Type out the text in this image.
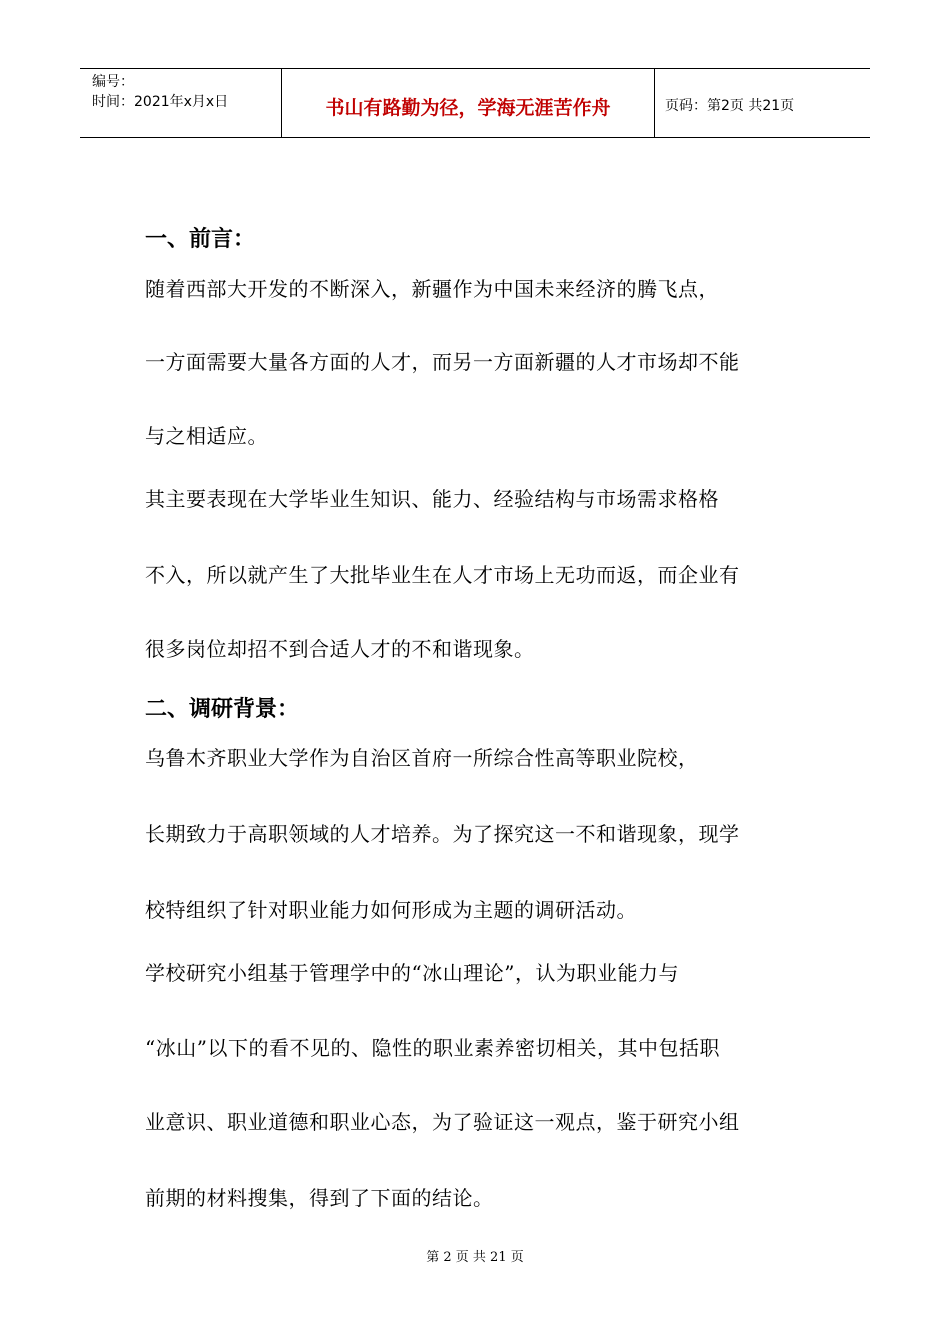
编号：
时间：2021年x月x日	书山有路勤为径，学海无涯苦作舟	页码：第2页 共21页
一、前言：
随着西部大开发的不断深入，新疆作为中国未来经济的腾飞点，
一方面需要大量各方面的人才，而另一方面新疆的人才市场却不能
与之相适应。
其主要表现在大学毕业生知识、能力、经验结构与市场需求格格
不入，所以就产生了大批毕业生在人才市场上无功而返，而企业有
很多岗位却招不到合适人才的不和谐现象。
二、调研背景：
乌鲁木齐职业大学作为自治区首府一所综合性高等职业院校，
长期致力于高职领域的人才培养。为了探究这一不和谐现象，现学
校特组织了针对职业能力如何形成为主题的调研活动。
学校研究小组基于管理学中的“冰山理论”，认为职业能力与
“冰山”以下的看不见的、隐性的职业素养密切相关，其中包括职
业意识、职业道德和职业心态，为了验证这一观点，鉴于研究小组
前期的材料搜集，得到了下面的结论。
第 2 页 共 21 页
